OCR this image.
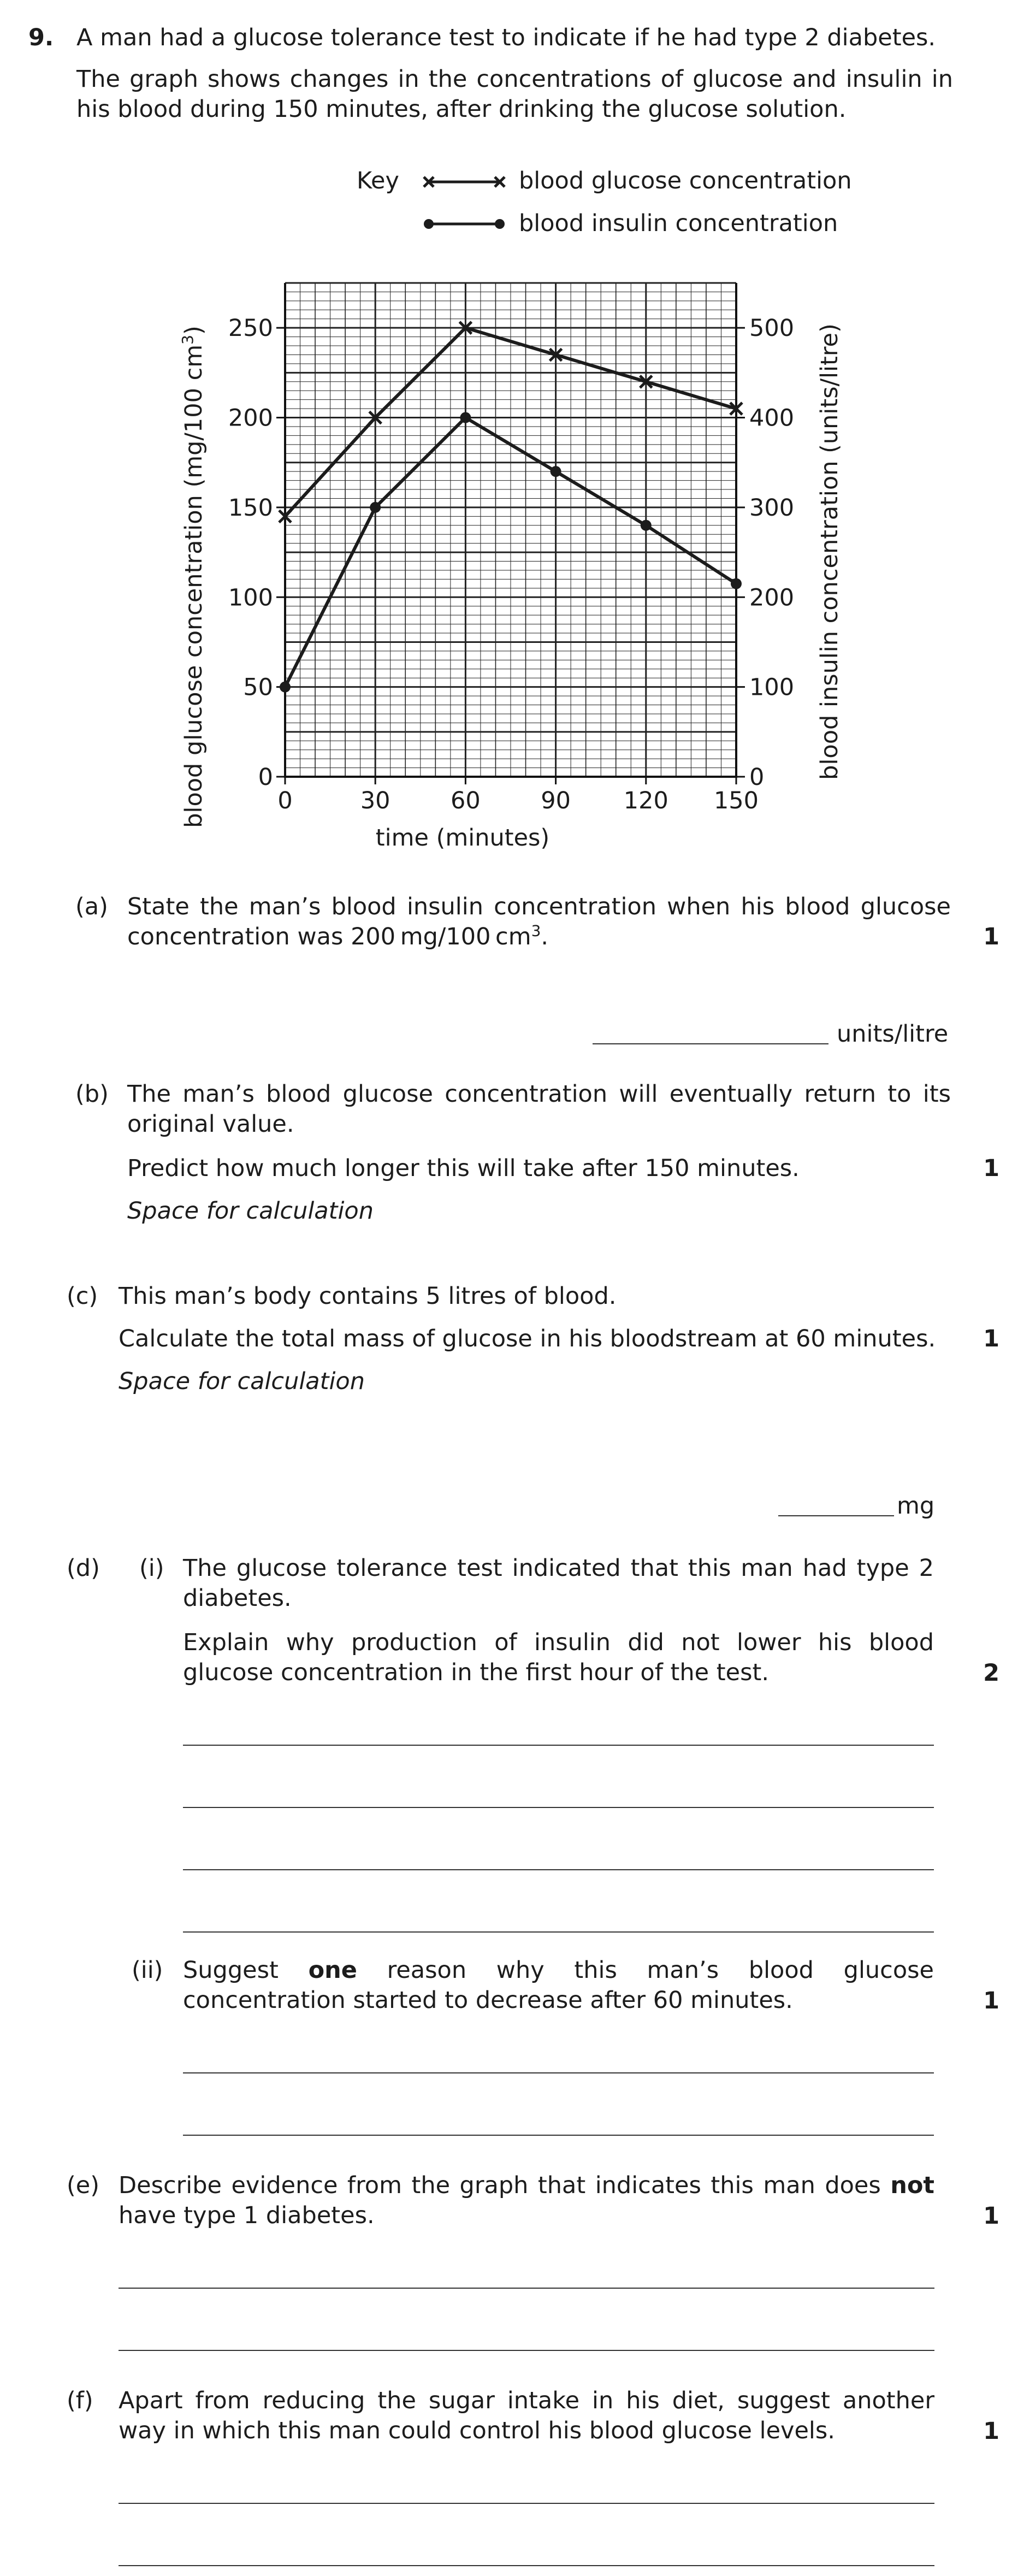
9. A man had a glucose tolerance test to indicate if he had type 2 diabetes.
The graph shows changes in the concentrations of glucose and insulin in his blood during 150 minutes, after drinking the glucose solution.
Key	blood glucose concentration
blood insulin concentration
0
50
100
150
200
250
0
100
200
300
400
500
0	30	60	90 120 150
time (minutes)
blood glucose concentration (mg/100 $cm^3$)	blood insulin concentration (units/litre)
(a) State the man’s blood insulin concentration when his blood glucose concentration was 200 mg/100 $cm^3$.	1
units/litre
(b) The man’s blood glucose concentration will eventually return to its original value.
Predict how much longer this will take after 150 minutes.	1
Space for calculation
(c) This man’s body contains 5 litres of blood.
Calculate the total mass of glucose in his bloodstream at 60 minutes.	1
Space for calculation
mg
(d) (i) The glucose tolerance test indicated that this man had type 2 diabetes.
Explain why production of insulin did not lower his blood glucose concentration in the first hour of the test.	2
(ii) Suggest one reason why this man’s blood glucose concentration started to decrease after 60 minutes.	1
(e) Describe evidence from the graph that indicates this man does not have type 1 diabetes.	1
(f) Apart from reducing the sugar intake in his diet, suggest another way in which this man could control his blood glucose levels.	1
